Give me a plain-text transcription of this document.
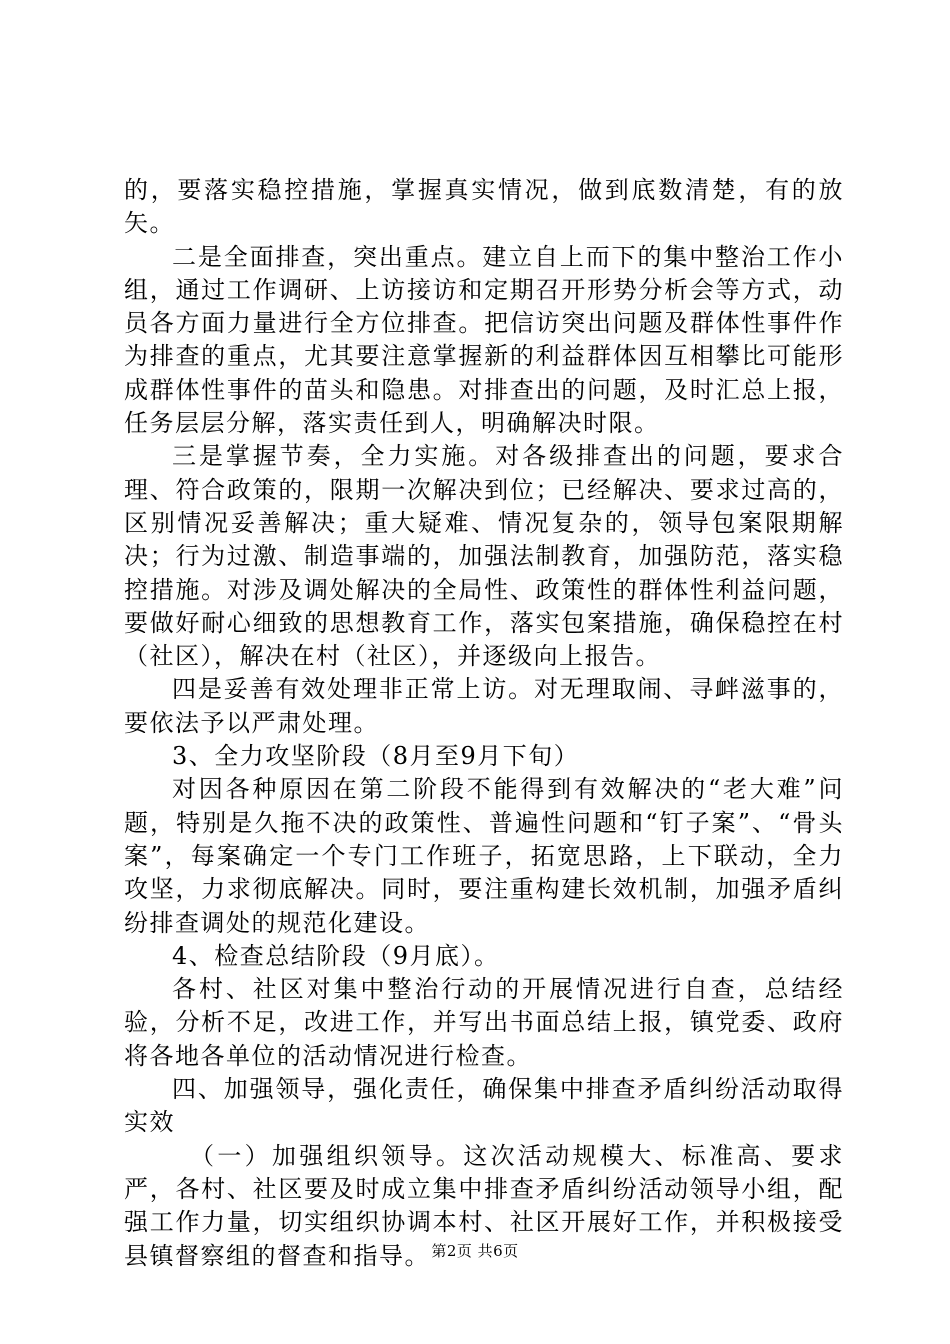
的，要落实稳控措施，掌握真实情况，做到底数清楚，有的放矢。

二是全面排查，突出重点。建立自上而下的集中整治工作小组，通过工作调研、上访接访和定期召开形势分析会等方式，动员各方面力量进行全方位排查。把信访突出问题及群体性事件作为排查的重点，尤其要注意掌握新的利益群体因互相攀比可能形成群体性事件的苗头和隐患。对排查出的问题，及时汇总上报，任务层层分解，落实责任到人，明确解决时限。

三是掌握节奏，全力实施。对各级排查出的问题，要求合理、符合政策的，限期一次解决到位；已经解决、要求过高的，区别情况妥善解决；重大疑难、情况复杂的，领导包案限期解决；行为过激、制造事端的，加强法制教育，加强防范，落实稳控措施。对涉及调处解决的全局性、政策性的群体性利益问题，要做好耐心细致的思想教育工作，落实包案措施，确保稳控在村（社区），解决在村（社区），并逐级向上报告。

四是妥善有效处理非正常上访。对无理取闹、寻衅滋事的，要依法予以严肃处理。

3、全力攻坚阶段（8月至9月下旬）

对因各种原因在第二阶段不能得到有效解决的“老大难”问题，特别是久拖不决的政策性、普遍性问题和“钉子案”、“骨头案”，每案确定一个专门工作班子，拓宽思路，上下联动，全力攻坚，力求彻底解决。同时，要注重构建长效机制，加强矛盾纠纷排查调处的规范化建设。

4、检查总结阶段（9月底）。

各村、社区对集中整治行动的开展情况进行自查，总结经验，分析不足，改进工作，并写出书面总结上报，镇党委、政府将各地各单位的活动情况进行检查。

四、加强领导，强化责任，确保集中排查矛盾纠纷活动取得实效

（一）加强组织领导。这次活动规模大、标准高、要求严，各村、社区要及时成立集中排查矛盾纠纷活动领导小组，配强工作力量，切实组织协调本村、社区开展好工作，并积极接受县镇督察组的督查和指导。 第2页 共6页
